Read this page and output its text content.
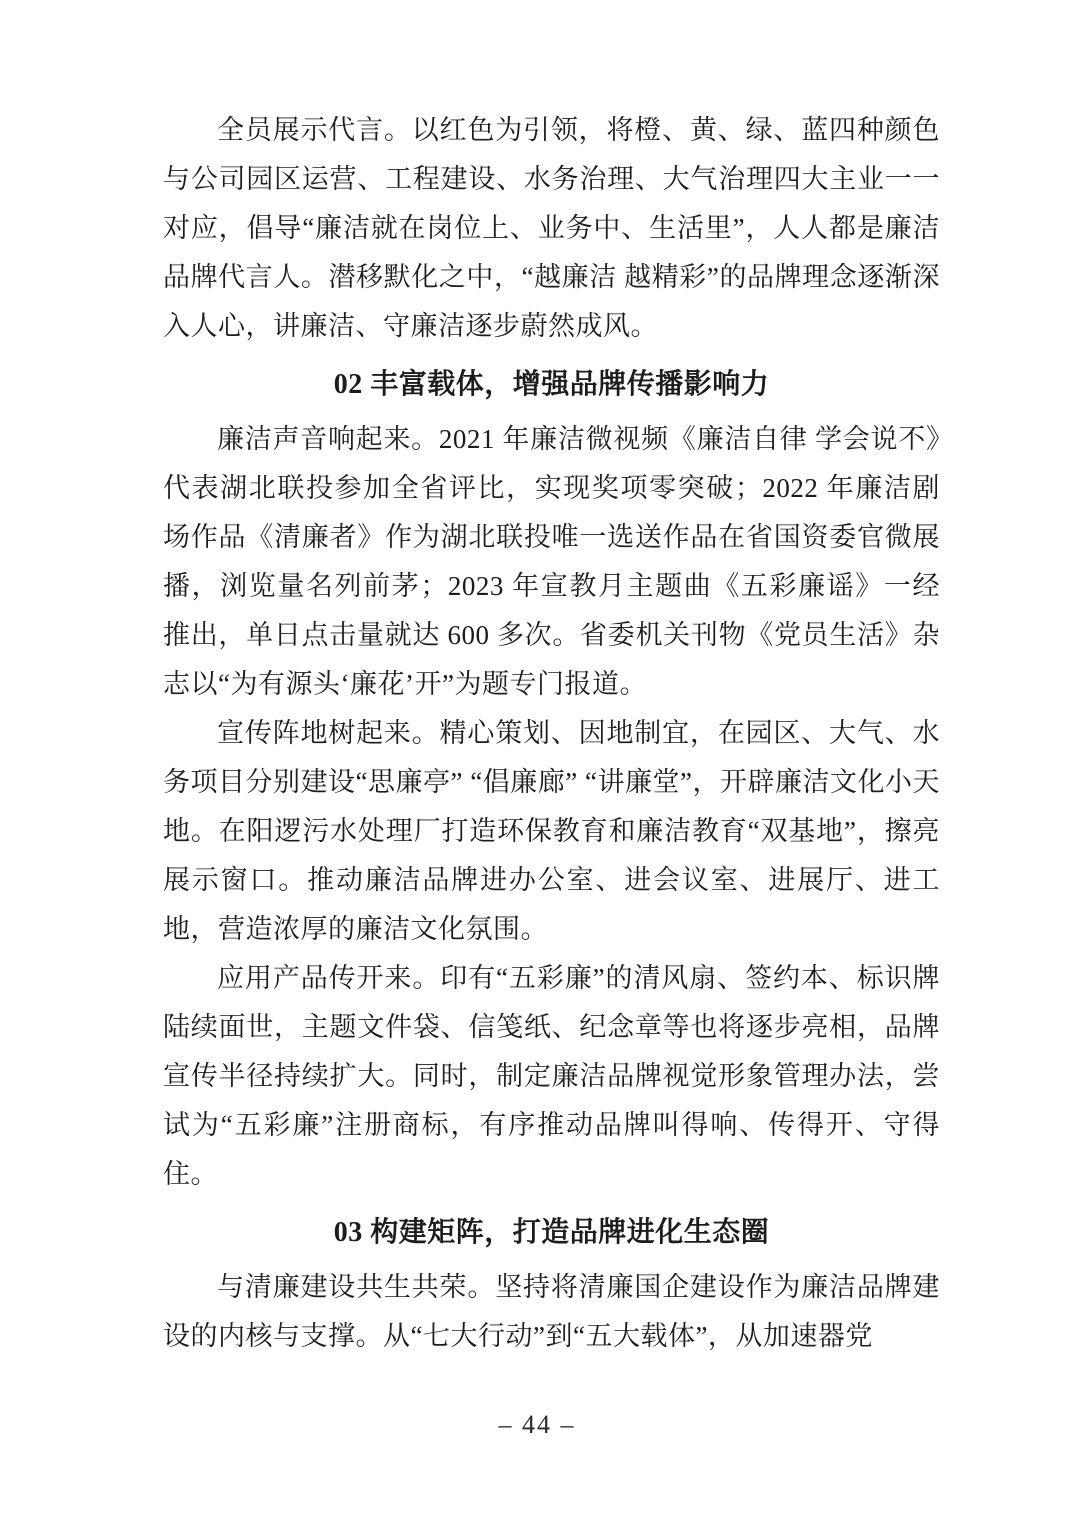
全员展示代言。以红色为引领，将橙、黄、绿、蓝四种颜色与公司园区运营、工程建设、水务治理、大气治理四大主业一一对应，倡导“廉洁就在岗位上、业务中、生活里”，人人都是廉洁品牌代言人。潜移默化之中，“越廉洁 越精彩”的品牌理念逐渐深入人心，讲廉洁、守廉洁逐步蔚然成风。
02 丰富载体，增强品牌传播影响力
廉洁声音响起来。2021 年廉洁微视频《廉洁自律 学会说不》代表湖北联投参加全省评比，实现奖项零突破；2022 年廉洁剧场作品《清廉者》作为湖北联投唯一选送作品在省国资委官微展播，浏览量名列前茅；2023 年宣教月主题曲《五彩廉谣》一经推出，单日点击量就达 600 多次。省委机关刊物《党员生活》杂志以“为有源头‘廉花’开”为题专门报道。
宣传阵地树起来。精心策划、因地制宜，在园区、大气、水务项目分别建设“思廉亭” “倡廉廊” “讲廉堂”，开辟廉洁文化小天地。在阳逻污水处理厂打造环保教育和廉洁教育“双基地”，擦亮展示窗口。推动廉洁品牌进办公室、进会议室、进展厅、进工地，营造浓厚的廉洁文化氛围。
应用产品传开来。印有“五彩廉”的清风扇、签约本、标识牌陆续面世，主题文件袋、信笺纸、纪念章等也将逐步亮相，品牌宣传半径持续扩大。同时，制定廉洁品牌视觉形象管理办法，尝试为“五彩廉”注册商标，有序推动品牌叫得响、传得开、守得住。
03 构建矩阵，打造品牌进化生态圈
与清廉建设共生共荣。坚持将清廉国企建设作为廉洁品牌建设的内核与支撑。从“七大行动”到“五大载体”，从加速器党
– 44 –
